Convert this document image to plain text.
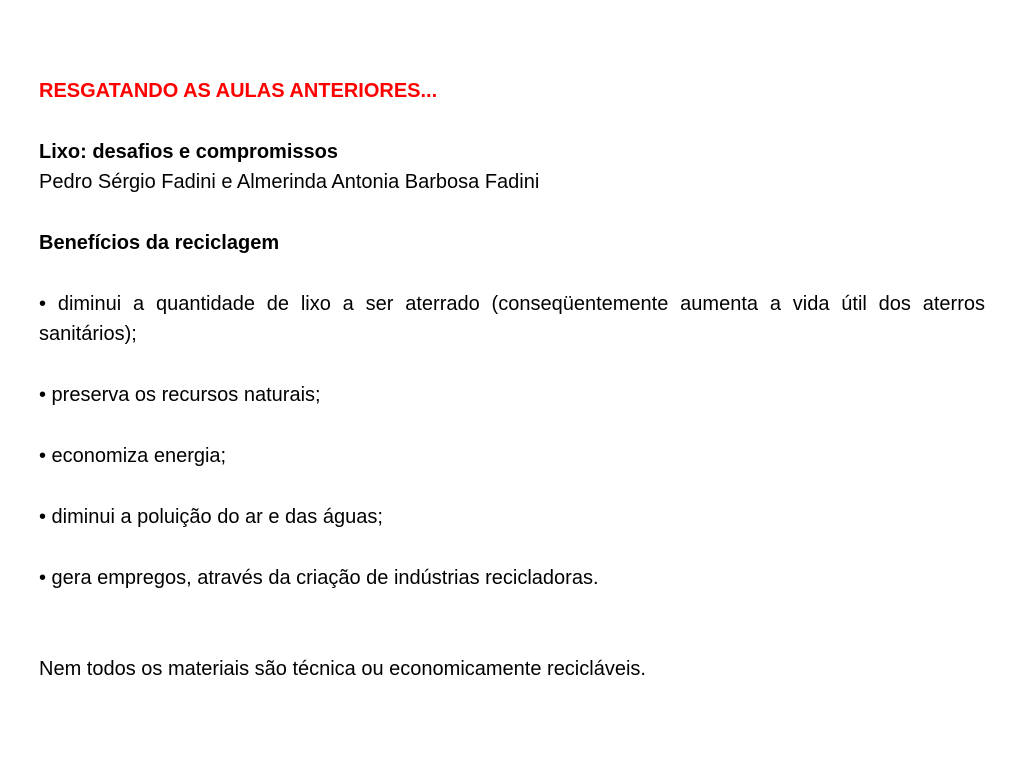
RESGATANDO AS AULAS ANTERIORES...

Lixo: desafios e compromissos

Pedro Sérgio Fadini e Almerinda Antonia Barbosa Fadini

Benefícios da reciclagem

• diminui a quantidade de lixo a ser aterrado (conseqüentemente aumenta a vida útil dos aterros sanitários);

• preserva os recursos naturais;

• economiza energia;

• diminui a poluição do ar e das águas;

• gera empregos, através da criação de indústrias recicladoras.

Nem todos os materiais são técnica ou economicamente recicláveis.
